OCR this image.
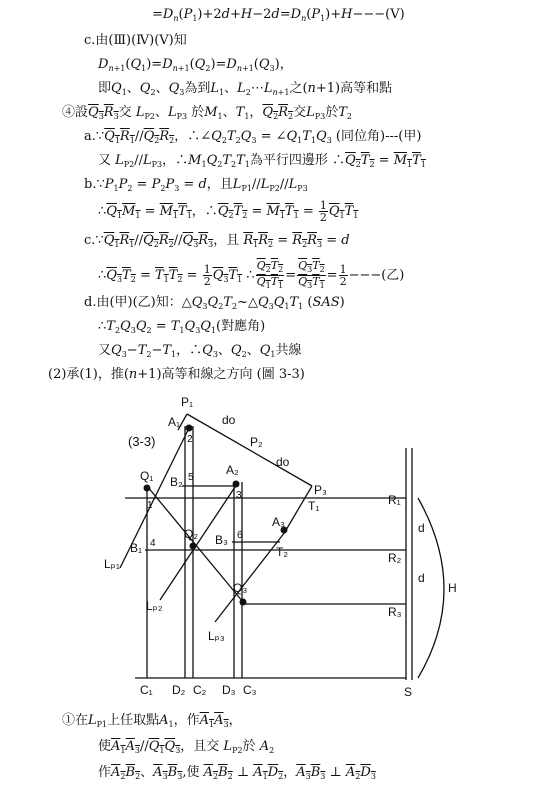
$=D_n(P_1)+2d+H-2d=D_n(P_1)+H---(Ⅴ)$
c.由(Ⅲ)(Ⅳ)(Ⅴ)知
$D_{n+1}(Q_1)=D_{n+1}(Q_2)=D_{n+1}(Q_3)$，
即$Q_1$、$Q_2$、$Q_3$為到$L_1$、$L_2\cdots L_{n+1}$之(n+1)高等和點
④設$Q_3R_3$交 $L_{P2}$、$L_{P3}$ 於$M_1$、$T_1$，$Q_2R_2$交$L_{P3}$於$T_2$
$a.\because Q_1R_1//Q_2R_2$，$\therefore\angle Q_2T_2Q_3$ = $\angle Q_1T_1Q_3$ (同位角)---(甲)
又 $L_{P2}//L_{P3}$，$\therefore M_1Q_2T_2T_1$為平行四邊形 $\therefore Q_2T_2 = M_1T_1$
$b.\because P_1P_2 = P_2P_3 = d$，且$L_{P1}//L_{P2}//L_{P3}$
$\therefore Q_1M_1 = M_1T_1$，$\therefore Q_2T_2 = M_1T_1 = \frac{1}{2} Q_1T_1$
$c.\because Q_1R_1//Q_2R_2//Q_3R_3$，且 $R_1R_2 = R_2R_3 = d$
$\therefore Q_3T_2 = T_1T_2 = \frac{1}{2} Q_3T_1$ ∴ $\frac{Q_2T_2}{Q_1T_1} = \frac{Q_3T_2}{Q_3T_1} = \frac{1}{2}$ −−−(乙)
d.由(甲)(乙)知：$\triangle Q_3Q_2T_2\sim\triangle Q_3Q_1T_1$ (SAS)
$\therefore T_2Q_3Q_2 = T_1Q_3Q_1$(對應角)
又$Q_3-T_2-T_1$，$\therefore Q_3$、$Q_2$、$Q_1$共線
(2)承(1)，推(n+1)高等和線之方向 (圖 3-3)
P₁
P₂
P₃
A₁
A₂
A₃
Q₁
Q₂
Q₃
B₂
B₁
B₃
T₁
T₂
R₁
R₂
R₃
Lₚ₁
Lₚ₂
Lₚ₃
C₁ D₂ C₂ D₃ C₃	S
H
d
d
do
do
(3-3)
1
2
3
4
5
6
①在$L_{P1}$上任取點$A_1$，作$A_1A_3$，
使$A_1A_3//Q_1Q_3$，且交 $L_{P2}$於 $A_2$
作$A_2B_2$、$A_3B_3$,使 $A_2B_2$ ⊥ $A_1D_2$，$A_3B_3$ ⊥ $A_2D_3$
